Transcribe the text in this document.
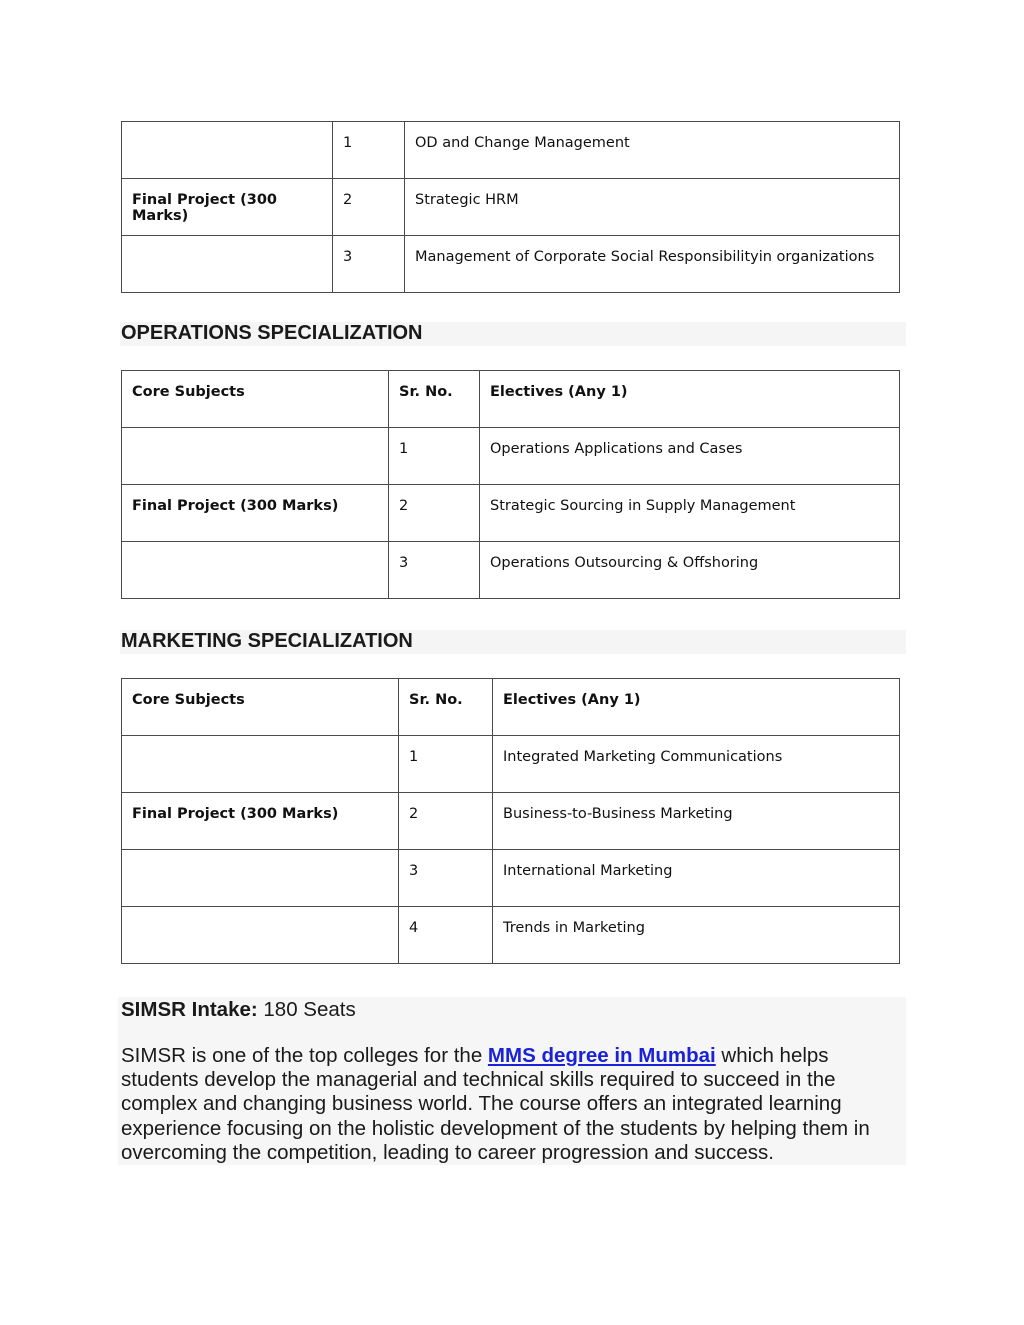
	1	OD and Change Management

Final Project (300 Marks)	2	Strategic HRM

	3	Management of Corporate Social Responsibilityin organizations
OPERATIONS SPECIALIZATION
Core Subjects	Sr. No.	Electives (Any 1)

	1	Operations Applications and Cases

Final Project (300 Marks)	2	Strategic Sourcing in Supply Management

	3	Operations Outsourcing & Offshoring
MARKETING SPECIALIZATION
Core Subjects	Sr. No.	Electives (Any 1)

	1	Integrated Marketing Communications

Final Project (300 Marks)	2	Business-to-Business Marketing

	3	International Marketing

	4	Trends in Marketing
SIMSR Intake: 180 Seats
SIMSR is one of the top colleges for the MMS degree in Mumbai which helps students develop the managerial and technical skills required to succeed in the complex and changing business world. The course offers an integrated learning experience focusing on the holistic development of the students by helping them in overcoming the competition, leading to career progression and success.
